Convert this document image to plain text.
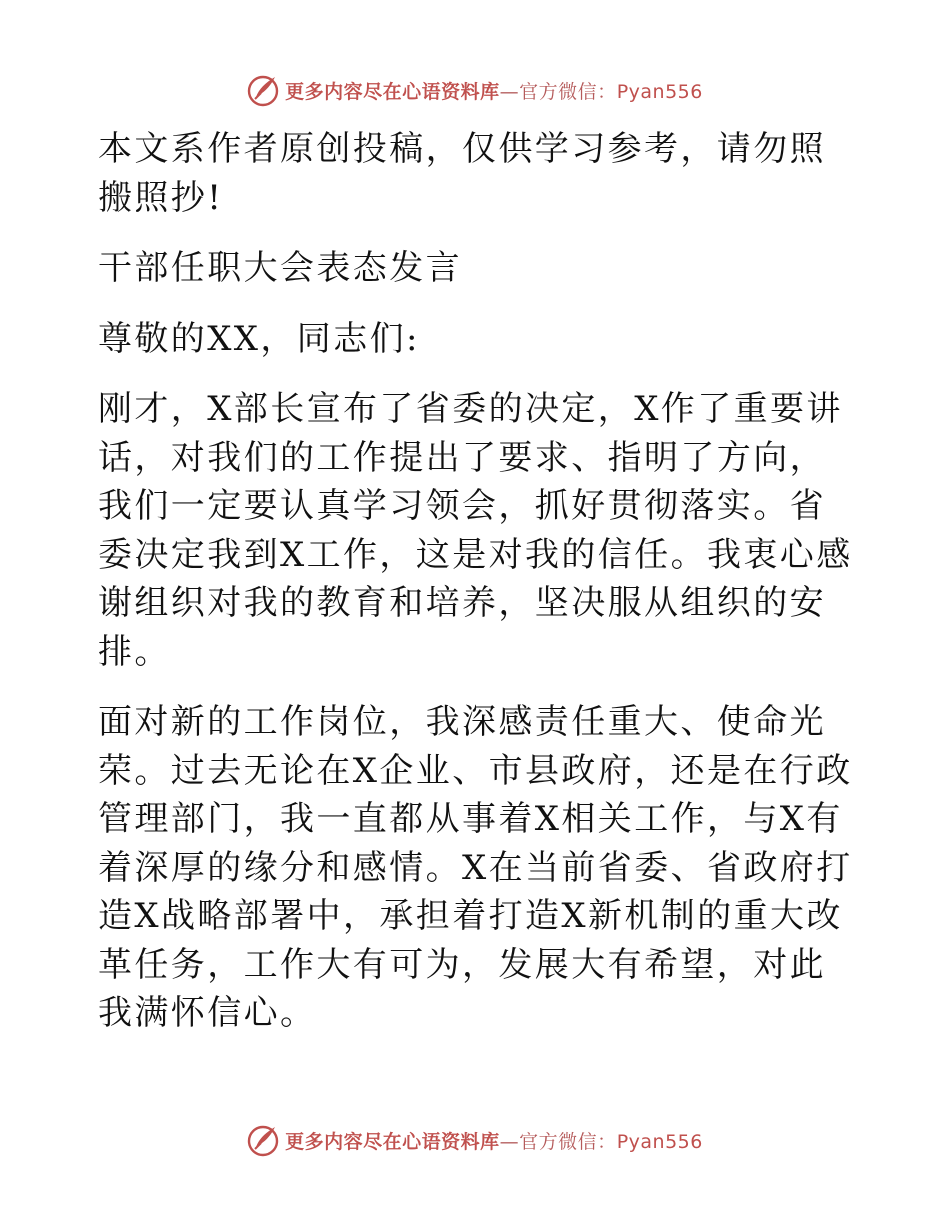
更多内容尽在心语资料库—官方微信：Pyan556

本文系作者原创投稿，仅供学习参考，请勿照搬照抄!

干部任职大会表态发言

尊敬的XX，同志们:

刚才，X部长宣布了省委的决定，X作了重要讲话，对我们的工作提出了要求、指明了方向，我们一定要认真学习领会，抓好贯彻落实。省委决定我到X工作，这是对我的信任。我衷心感谢组织对我的教育和培养，坚决服从组织的安排。

面对新的工作岗位，我深感责任重大、使命光荣。过去无论在X企业、市县政府，还是在行政管理部门，我一直都从事着X相关工作，与X有着深厚的缘分和感情。X在当前省委、省政府打造X战略部署中，承担着打造X新机制的重大改革任务，工作大有可为，发展大有希望，对此我满怀信心。

更多内容尽在心语资料库—官方微信：Pyan556
